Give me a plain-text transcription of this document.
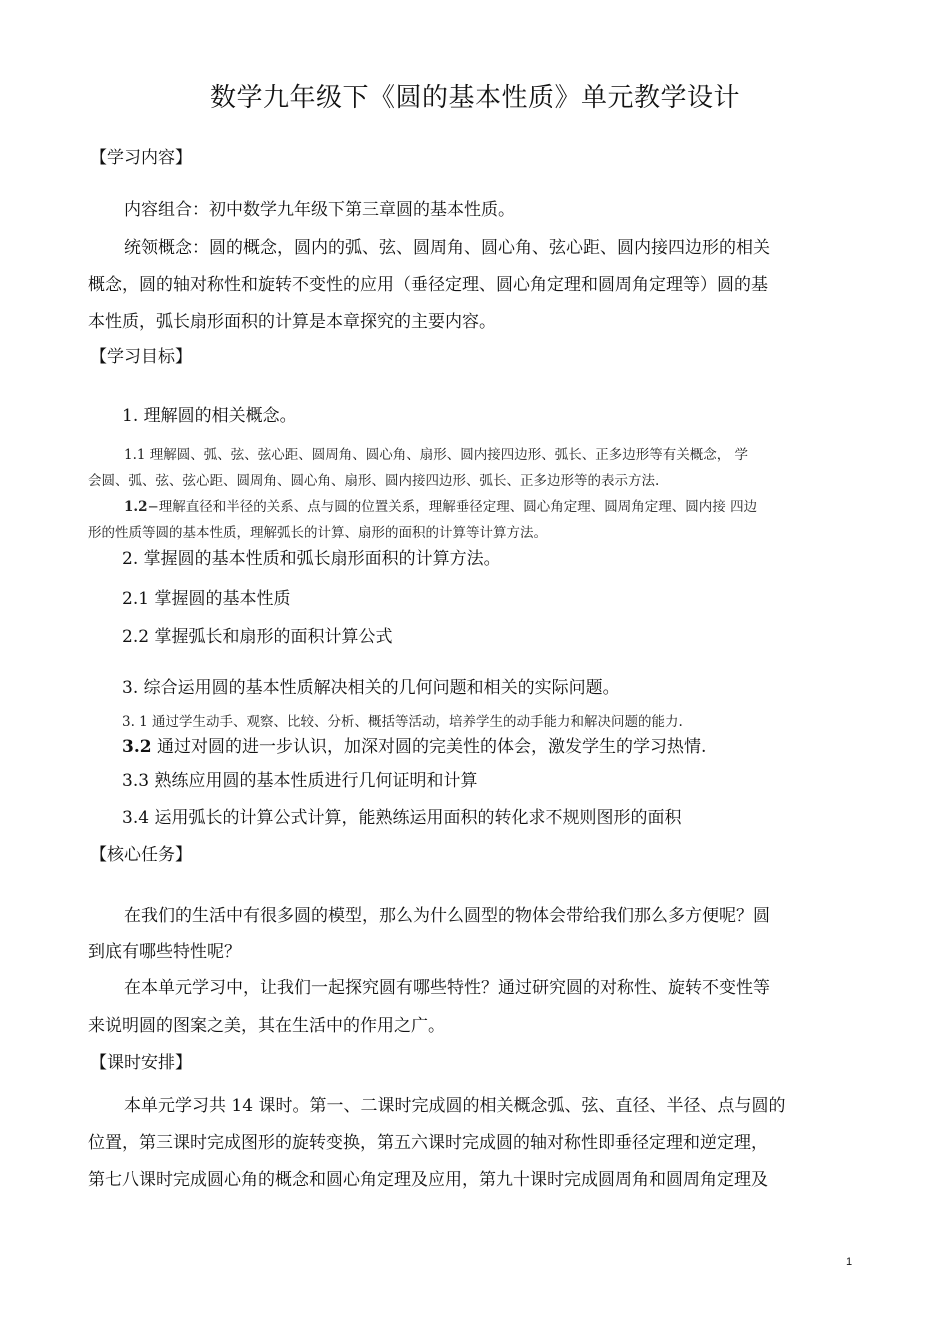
数学九年级下《圆的基本性质》单元教学设计
【学习内容】
内容组合：初中数学九年级下第三章圆的基本性质。
统领概念：圆的概念，圆内的弧、弦、圆周角、圆心角、弦心距、圆内接四边形的相关
概念，圆的轴对称性和旋转不变性的应用（垂径定理、圆心角定理和圆周角定理等）圆的基
本性质，弧长扇形面积的计算是本章探究的主要内容。
【学习目标】
1. 理解圆的相关概念。
1.1 理解圆、弧、弦、弦心距、圆周角、圆心角、扇形、圆内接四边形、弧长、正多边形等有关概念， 学
会圆、弧、弦、弦心距、圆周角、圆心角、扇形、圆内接四边形、弧长、正多边形等的表示方法.
1.2−理解直径和半径的关系、点与圆的位置关系，理解垂径定理、圆心角定理、圆周角定理、圆内接 四边
形的性质等圆的基本性质，理解弧长的计算、扇形的面积的计算等计算方法。
2. 掌握圆的基本性质和弧长扇形面积的计算方法。
2.1 掌握圆的基本性质
2.2 掌握弧长和扇形的面积计算公式
3. 综合运用圆的基本性质解决相关的几何问题和相关的实际问题。
3. 1 通过学生动手、观察、比较、分析、概括等活动，培养学生的动手能力和解决问题的能力.
3.2 通过对圆的进一步认识，加深对圆的完美性的体会，激发学生的学习热情.
3.3 熟练应用圆的基本性质进行几何证明和计算
3.4 运用弧长的计算公式计算，能熟练运用面积的转化求不规则图形的面积
【核心任务】
在我们的生活中有很多圆的模型，那么为什么圆型的物体会带给我们那么多方便呢？圆
到底有哪些特性呢？
在本单元学习中，让我们一起探究圆有哪些特性？通过研究圆的对称性、旋转不变性等
来说明圆的图案之美，其在生活中的作用之广。
【课时安排】
本单元学习共 14 课时。第一、二课时完成圆的相关概念弧、弦、直径、半径、点与圆的
位置，第三课时完成图形的旋转变换，第五六课时完成圆的轴对称性即垂径定理和逆定理，
第七八课时完成圆心角的概念和圆心角定理及应用，第九十课时完成圆周角和圆周角定理及
1
